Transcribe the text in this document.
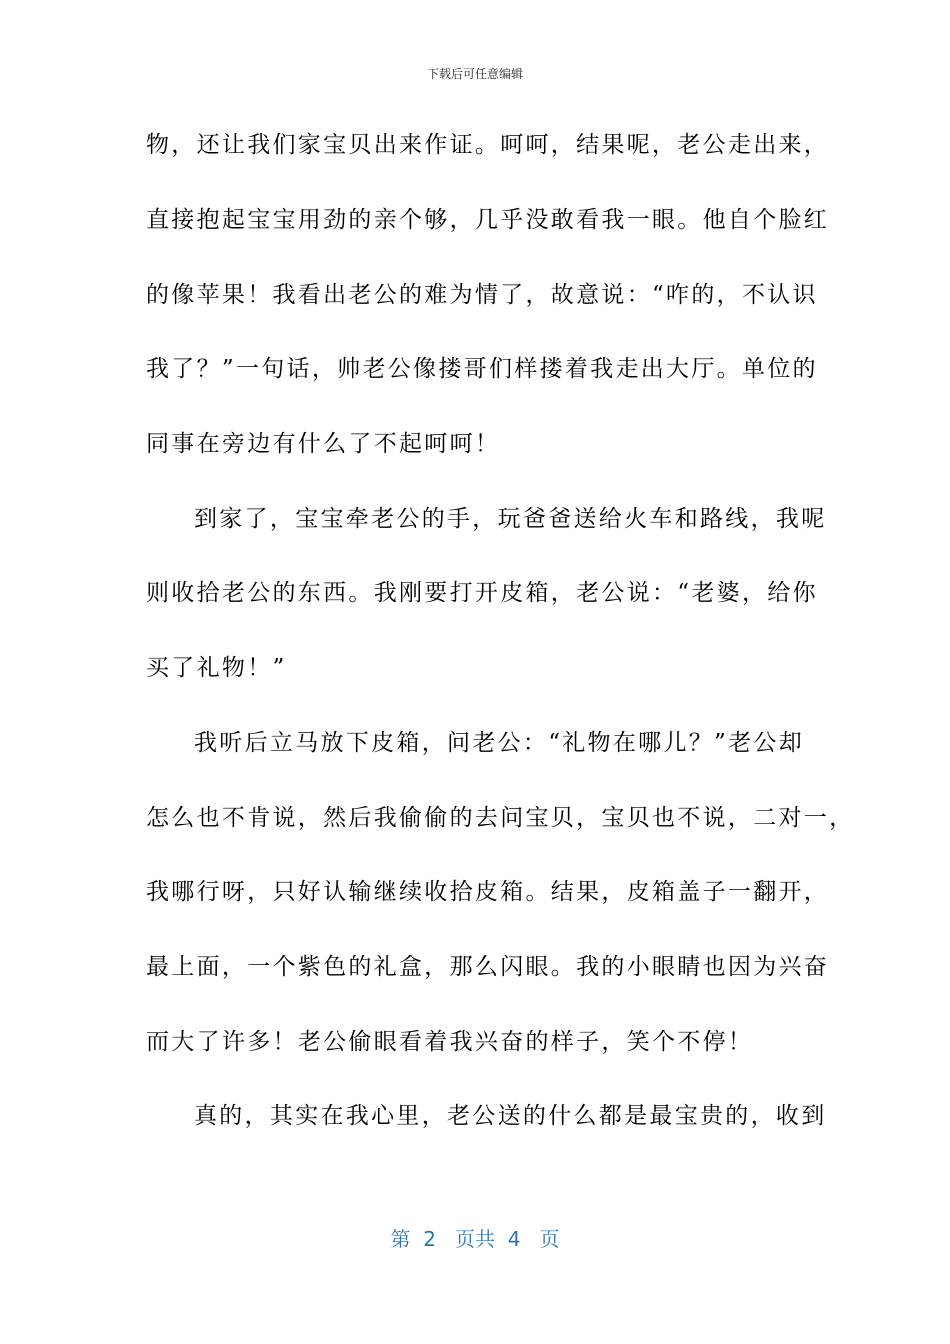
下载后可任意编辑
物，还让我们家宝贝出来作证。呵呵，结果呢，老公走出来，
直接抱起宝宝用劲的亲个够，几乎没敢看我一眼。他自个脸红
的像苹果！我看出老公的难为情了，故意说：“咋的，不认识
我了？”一句话，帅老公像搂哥们样搂着我走出大厅。单位的
同事在旁边有什么了不起呵呵！
到家了，宝宝牵老公的手，玩爸爸送给火车和路线，我呢
则收拾老公的东西。我刚要打开皮箱，老公说：“老婆，给你
买了礼物！”
我听后立马放下皮箱，问老公：“礼物在哪儿？”老公却
怎么也不肯说，然后我偷偷的去问宝贝，宝贝也不说，二对一，
我哪行呀，只好认输继续收拾皮箱。结果，皮箱盖子一翻开，
最上面，一个紫色的礼盒，那么闪眼。我的小眼睛也因为兴奋
而大了许多！老公偷眼看着我兴奋的样子，笑个不停！
真的，其实在我心里，老公送的什么都是最宝贵的，收到
第 2 页共 4 页
